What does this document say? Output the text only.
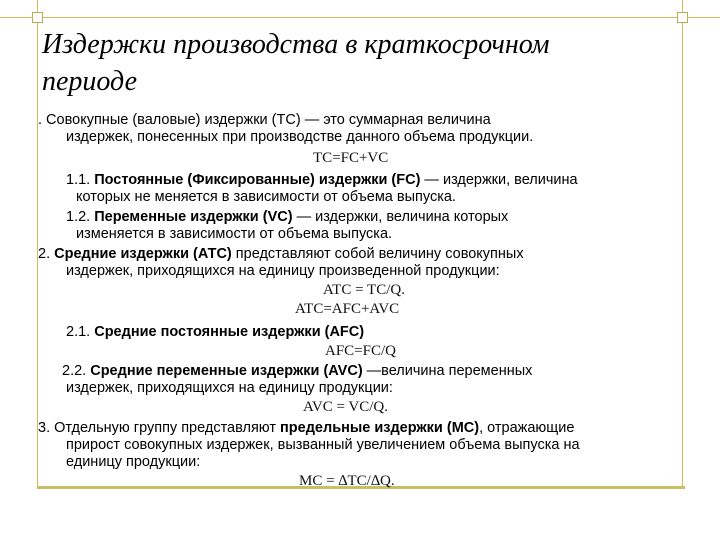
Издержки производства в краткосрочном периоде
. Совокупные (валовые) издержки (ТС) — это суммарная величина
издержек, понесенных при производстве данного объема продукции.
TC=FC+VC
1.1. Постоянные (Фиксированные) издержки (FC) — издержки, величина
которых не меняется в зависимости от объема выпуска.
1.2. Переменные издержки (VC) — издержки, величина которых
изменяется в зависимости от объема выпуска.
2. Средние издержки (АТС) представляют собой величину совокупных
издержек, приходящихся на единицу произведенной продукции:
ATC = TC/Q.
ATC=AFC+AVC
2.1. Средние постоянные издержки (AFC)
AFC=FC/Q
2.2. Средние переменные издержки (AVC) —величина переменных
издержек, приходящихся на единицу продукции:
AVC = VC/Q.
3. Отдельную группу представляют предельные издержки (МС), отражающие
прирост совокупных издержек, вызванный увеличением объема выпуска на
единицу продукции:
MC = ∆TC/∆Q.
